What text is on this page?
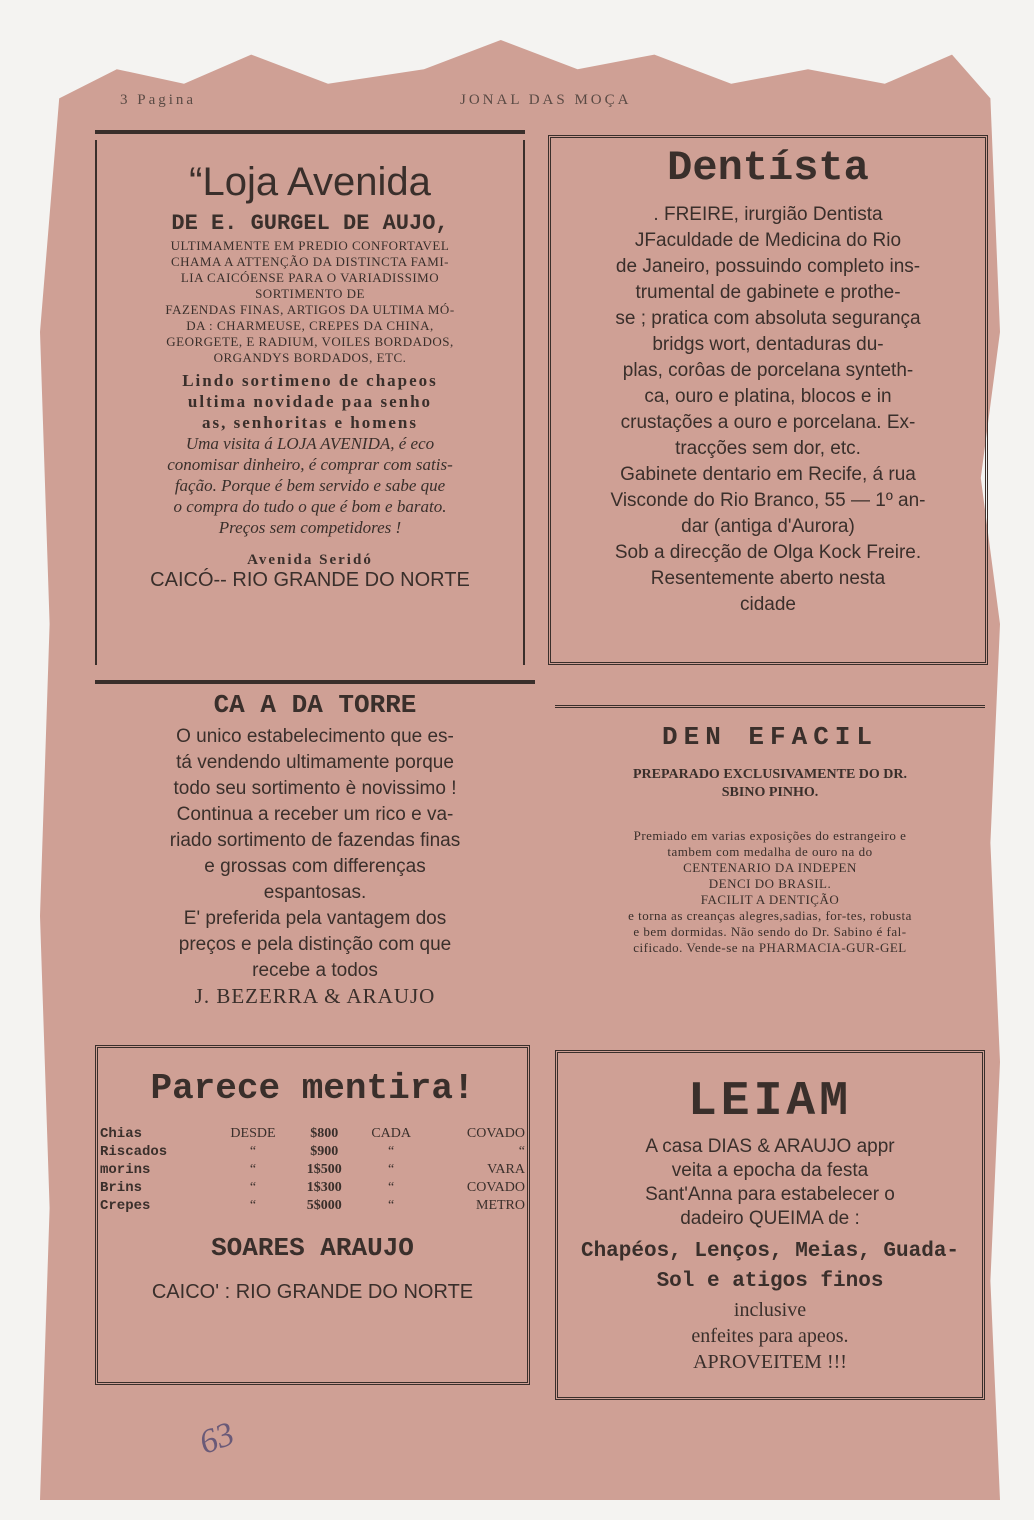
3 Pagina	JONAL DAS MOÇA

“Loja Avenida

DE E. GURGEL DE AUJO,

ULTIMAMENTE EM PREDIO CONFORTAVEL

CHAMA A ATTENÇÃO DA DISTINCTA FAMI-

LIA CAICÓENSE PARA O VARIADISSIMO

SORTIMENTO DE

FAZENDAS FINAS, ARTIGOS DA ULTIMA MÓ-

DA : CHARMEUSE, CREPES DA CHINA,

GEORGETE, E RADIUM, VOILES BORDADOS,

ORGANDYS BORDADOS, ETC.

Lindo sortimeno de chapeos

ultima novidade paa senho

as, senhoritas e homens

Uma visita á LOJA AVENIDA, é eco

conomisar dinheiro, é comprar com satis-

fação. Porque é bem servido e sabe que

o compra do tudo o que é bom e barato.

Preços sem competidores !

Avenida Seridó

CAICÓ-- RIO GRANDE DO NORTE

Dentísta

. FREIRE, irurgião Dentista

JFaculdade de Medicina do Rio

de Janeiro, possuindo completo ins-

trumental de gabinete e prothe-

se ; pratica com absoluta segurança

bridgs wort, dentaduras du-

plas, corôas de porcelana synteth-

ca, ouro e platina, blocos e in

crustações a ouro e porcelana. Ex-

tracções sem dor, etc.

Gabinete dentario em Recife, á rua

Visconde do Rio Branco, 55 — 1º an-

dar (antiga d'Aurora)

Sob a direcção de Olga Kock Freire.

Resentemente aberto nesta

cidade

CA A DA TORRE

O unico estabelecimento que es-

tá vendendo ultimamente porque

todo seu sortimento è novissimo !

Continua a receber um rico e va-

riado sortimento de fazendas finas

e grossas com differenças

espantosas.

E' preferida pela vantagem dos

preços e pela distinção com que

recebe a todos

J. BEZERRA & ARAUJO

DEN EFACIL

PREPARADO EXCLUSIVAMENTE DO DR.

SBINO PINHO.

Premiado em varias exposições do estrangeiro e

tambem com medalha de ouro na do

CENTENARIO DA INDEPEN

DENCI DO BRASIL.

FACILIT A DENTIÇÃO

e torna as creanças alegres,sadias, for-tes, robusta

e bem dormidas. Não sendo do Dr. Sabino é fal-

cificado. Vende-se na PHARMACIA-GUR-GEL

Parece mentira!

Chias	DESDE	$800	CADA	COVADO
Riscados	“	$900	“	“
morins	“	1$500	“	VARA
Brins	“	1$300	“	COVADO
Crepes	“	5$000	“	METRO

SOARES ARAUJO

CAICO' : RIO GRANDE DO NORTE

LEIAM

A casa DIAS & ARAUJO appr

veita a epocha da festa

Sant'Anna para estabelecer o

dadeiro QUEIMA de :

Chapéos, Lenços, Meias, Guada-

Sol e atigos finos

inclusive

enfeites para apeos.

APROVEITEM !!!

63
